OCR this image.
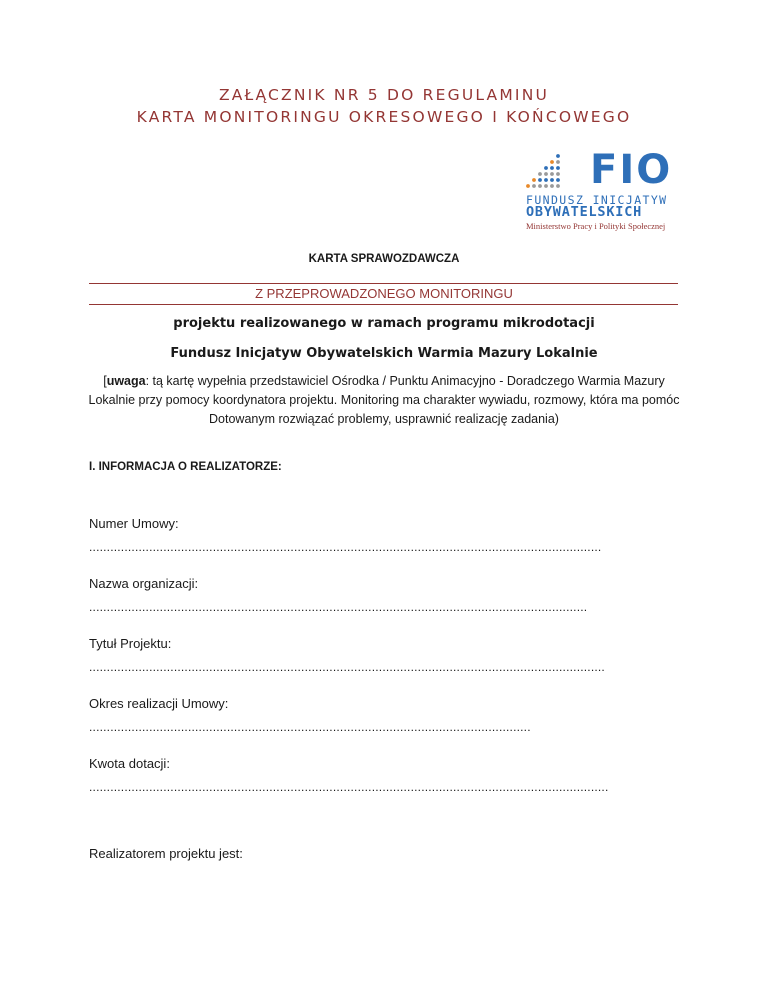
ZAŁĄCZNIK NR 5 DO REGULAMINU
KARTA MONITORINGU OKRESOWEGO I KOŃCOWEGO
FIO
FUNDUSZ INICJATYW
OBYWATELSKICH
Ministerstwo Pracy i Polityki Społecznej
KARTA SPRAWOZDAWCZA
Z PRZEPROWADZONEGO MONITORINGU
projektu realizowanego w ramach programu mikrodotacji
Fundusz Inicjatyw Obywatelskich Warmia Mazury Lokalnie
[uwaga: tą kartę wypełnia przedstawiciel Ośrodka / Punktu Animacyjno - Doradczego Warmia Mazury Lokalnie przy pomocy koordynatora projektu. Monitoring ma charakter wywiadu, rozmowy, która ma pomóc Dotowanym rozwiązać problemy, usprawnić realizację zadania)
I. INFORMACJA O REALIZATORZE:
Numer Umowy:
.................................................................................................................................................
Nazwa organizacji:
.............................................................................................................................................
Tytuł Projektu:
..................................................................................................................................................
Okres realizacji Umowy:
.............................................................................................................................
Kwota dotacji:
...................................................................................................................................................
Realizatorem projektu jest:
